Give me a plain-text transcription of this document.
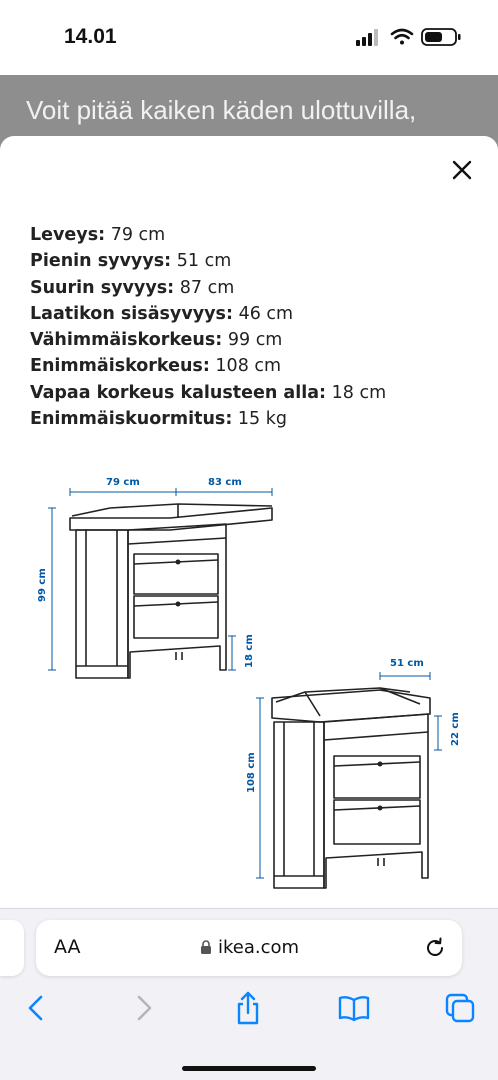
14.01
Voit pitää kaiken käden ulottuvilla,
Leveys: 79 cm
Pienin syvyys: 51 cm
Suurin syvyys: 87 cm
Laatikon sisäsyvyys: 46 cm
Vähimmäiskorkeus: 99 cm
Enimmäiskorkeus: 108 cm
Vapaa korkeus kalusteen alla: 18 cm
Enimmäiskuormitus: 15 kg
79 cm	83 cm
99 cm
18 cm	51 cm
108 cm
22 cm
AA	ikea.com
